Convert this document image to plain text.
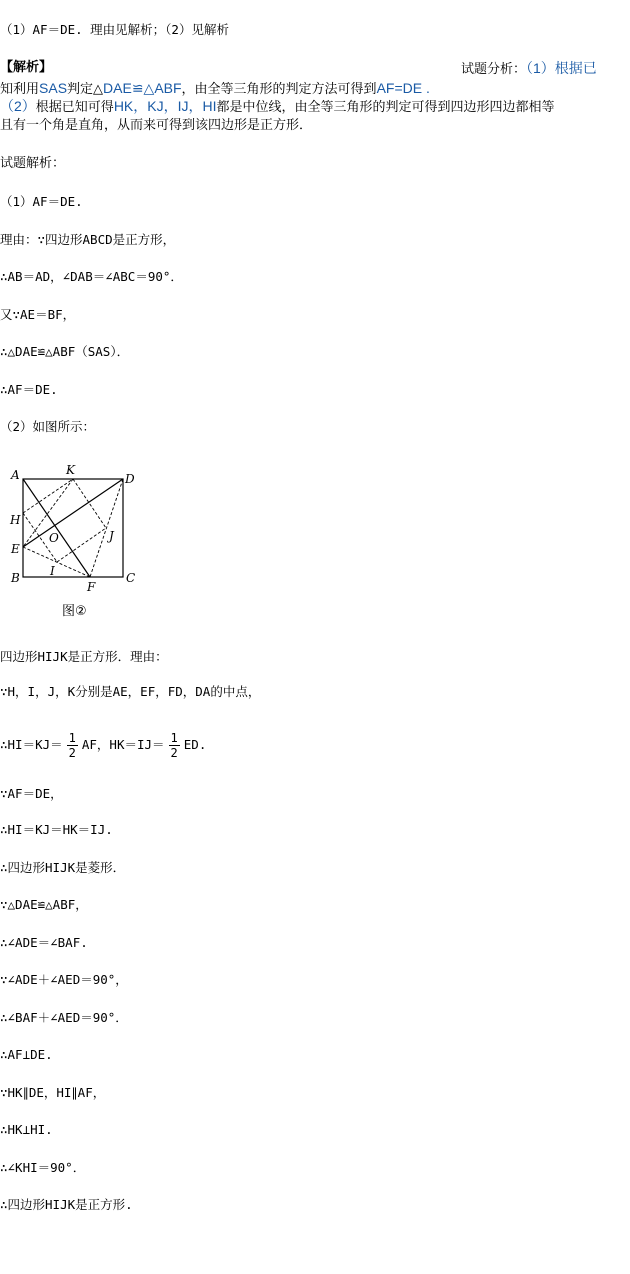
（1）AF＝DE. 理由见解析；（2）见解析
【解析】	试题分析：（1）根据已
知利用SAS判定△DAE≌△ABF，由全等三角形的判定方法可得到AF=DE .
（2）根据已知可得HK，KJ，IJ，HI都是中位线，由全等三角形的判定可得到四边形四边都相等
且有一个角是直角，从而来可得到该四边形是正方形．
试题解析：
（1）AF＝DE.
理由：∵四边形ABCD是正方形，
∴AB＝AD，∠DAB＝∠ABC＝90°．
又∵AE＝BF，
∴△DAE≌△ABF（SAS）．
∴AF＝DE.
（2）如图所示：
A	K
D
H
O	J
E
I
B
F
C
图②
四边形HIJK是正方形．理由：
∵H，I，J，K分别是AE，EF，FD，DA的中点，
∴HI＝KJ＝ $\frac{1}{2}$ AF，$HK=IJ= \frac{1}{2}$ ED.
∵AF＝DE，
∴HI＝KJ＝HK＝IJ.
∴四边形HIJK是菱形．
∵△DAE≌△ABF，
∴∠ADE＝∠BAF.
∵∠ADE＋∠AED＝90°，
∴∠BAF＋∠AED＝90°．
∴AF⊥DE.
∵HK∥DE，HI∥AF，
∴HK⊥HI.
∴∠KHI＝90°．
∴四边形HIJK是正方形.
